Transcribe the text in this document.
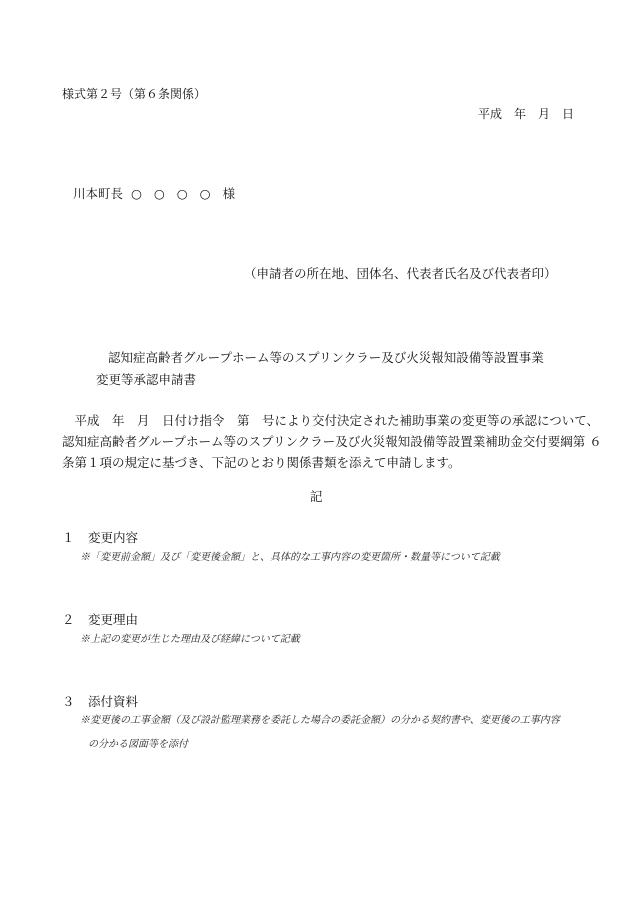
様式第２号（第６条関係）
平成　年　月　日
川本町長 ○ ○ ○ ○ 様
（申請者の所在地、団体名、代表者氏名及び代表者印）
認知症高齢者グループホーム等のスプリンクラー及び火災報知設備等設置事業
変更等承認申請書
　平成　年　月　日付け指令　第　号により交付決定された補助事業の変更等の承認について、
認知症高齢者グループホーム等のスプリンクラー及び火災報知設備等設置業補助金交付要綱第 ６
条第１項の規定に基づき、下記のとおり関係書類を添えて申請します。
記
１ 変更内容
※「変更前金額」及び「変更後金額」と、具体的な工事内容の変更箇所・数量等について記載
２ 変更理由
※上記の変更が生じた理由及び経緯について記載
３ 添付資料
※変更後の工事金額（及び設計監理業務を委託した場合の委託金額）の分かる契約書や、変更後の工事内容
の分かる図面等を添付
